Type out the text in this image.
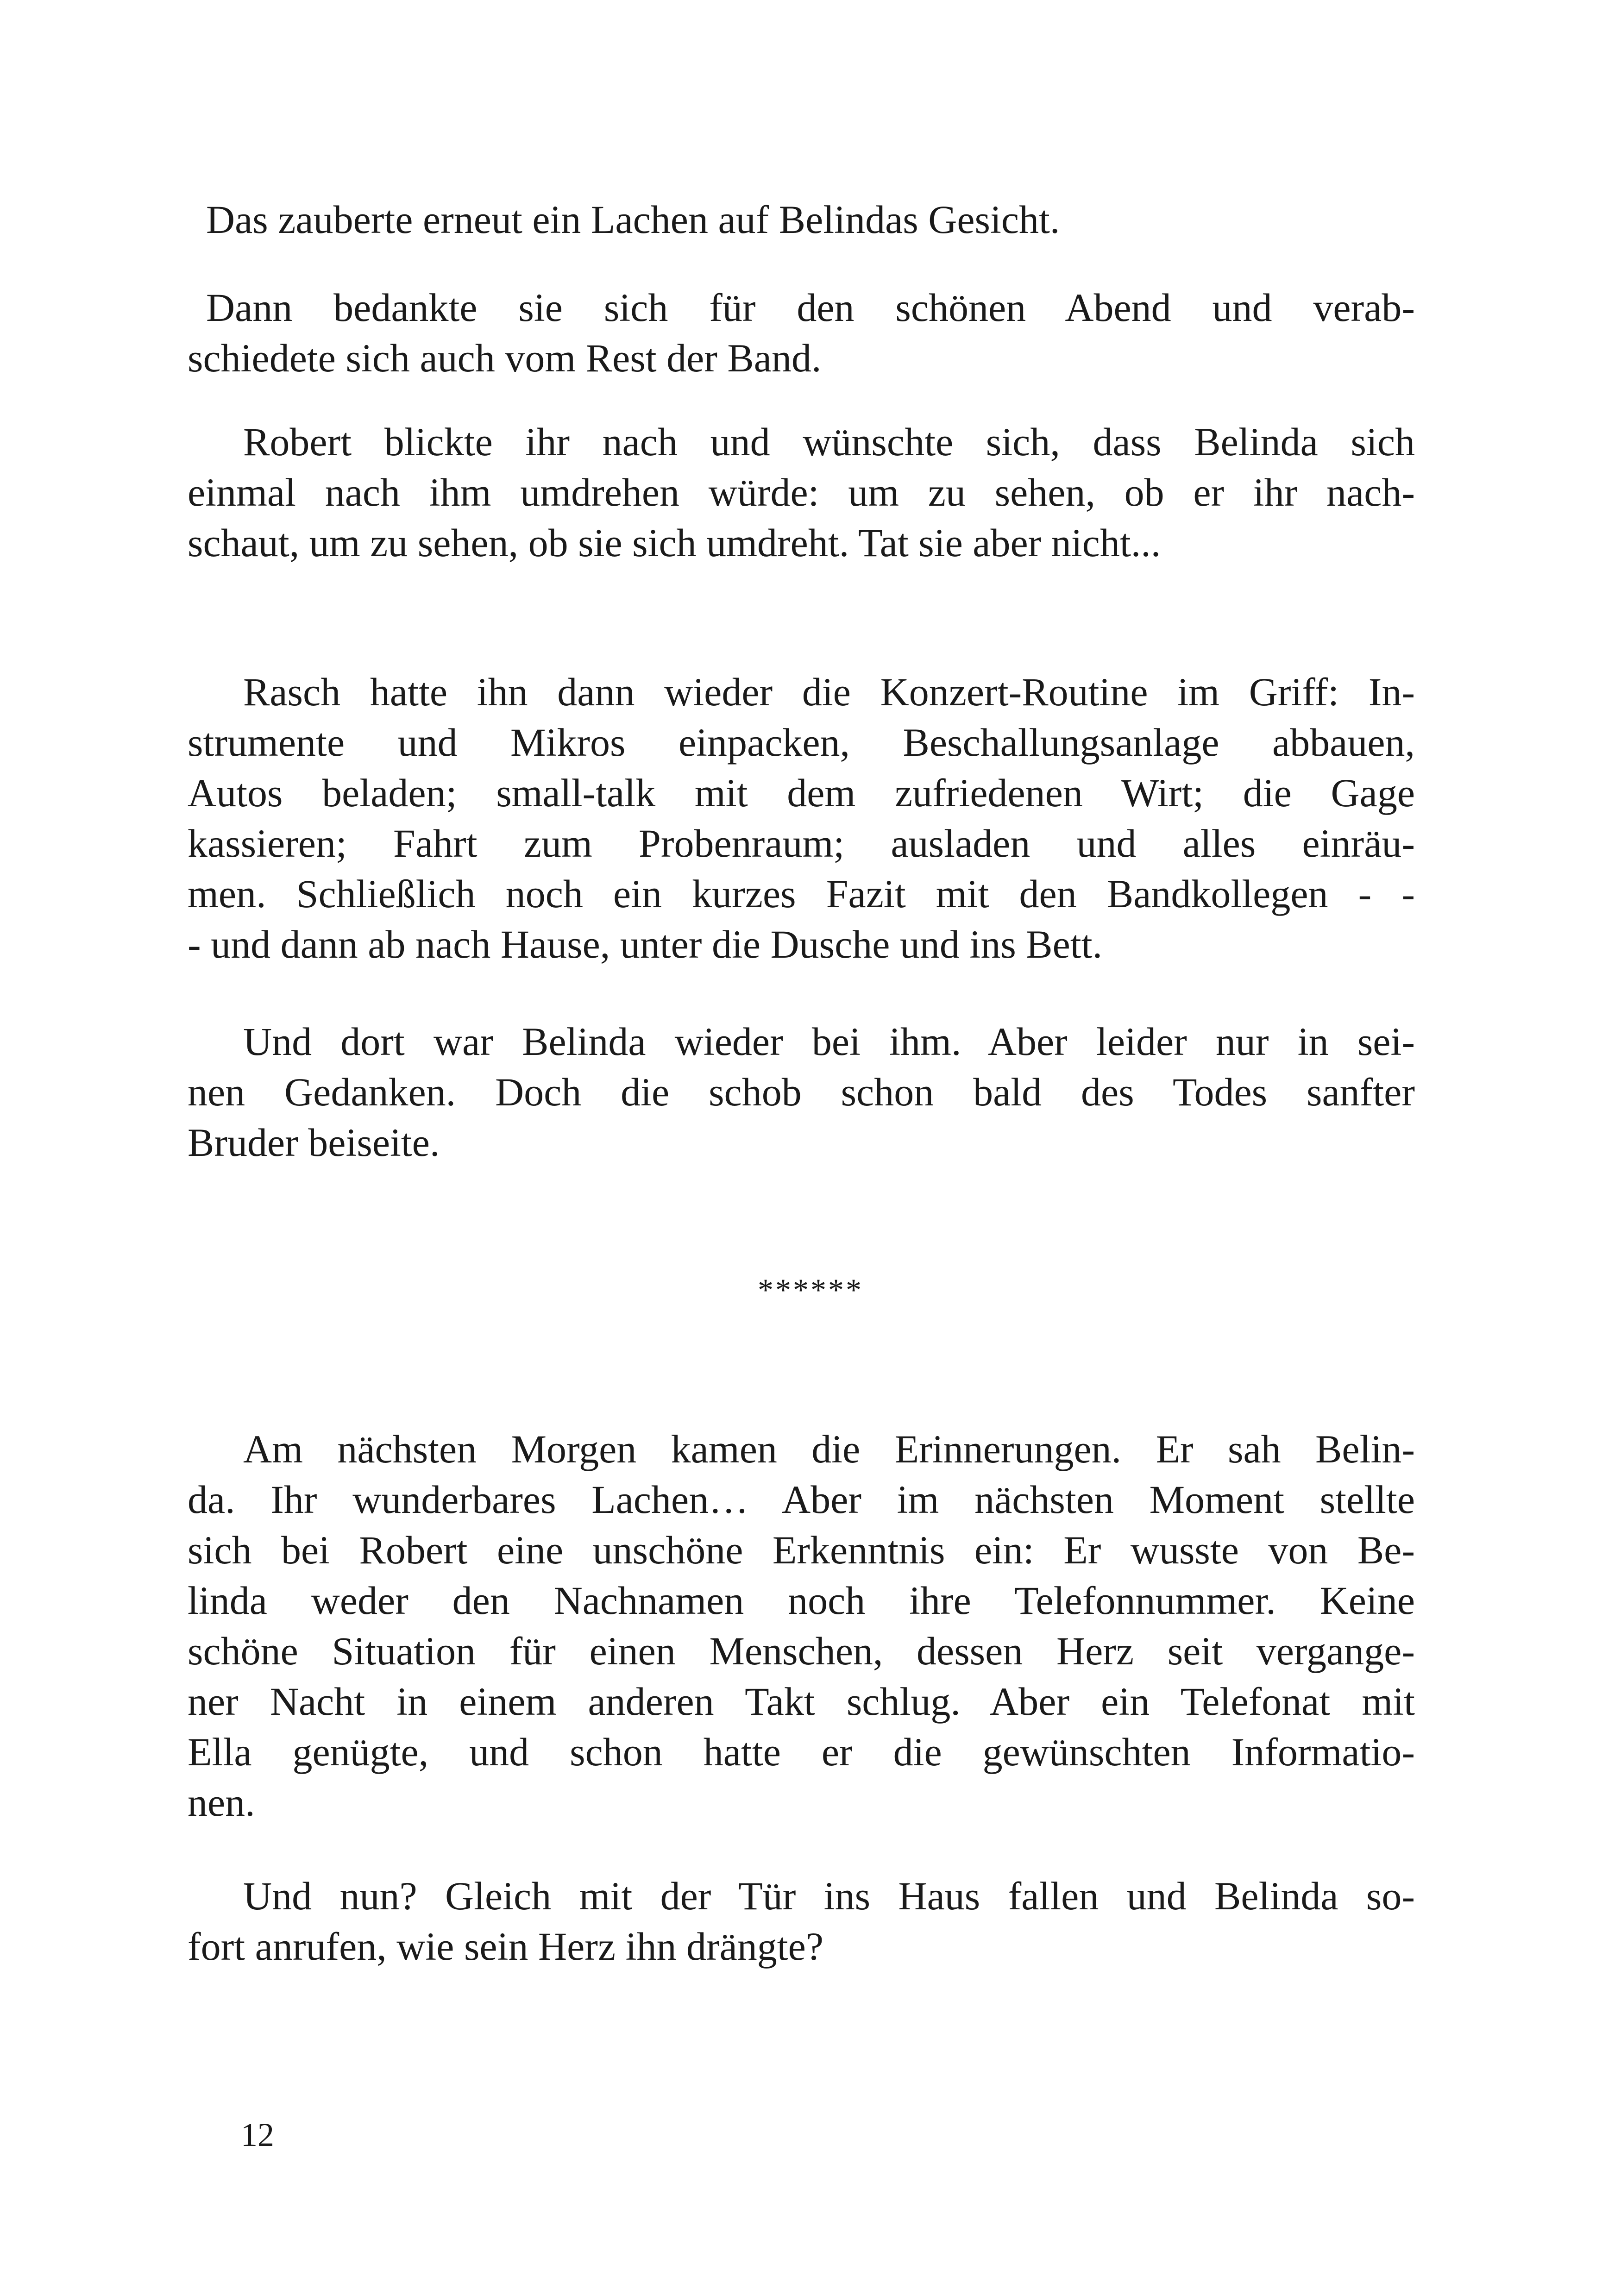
Das zauberte erneut ein Lachen auf Belindas Gesicht.
Dann bedankte sie sich für den schönen Abend und verab-
schiedete sich auch vom Rest der Band.
Robert blickte ihr nach und wünschte sich, dass Belinda sich
einmal nach ihm umdrehen würde: um zu sehen, ob er ihr nach-
schaut, um zu sehen, ob sie sich umdreht. Tat sie aber nicht...
Rasch hatte ihn dann wieder die Konzert-Routine im Griff: In-
strumente und Mikros einpacken, Beschallungsanlage abbauen,
Autos beladen; small-talk mit dem zufriedenen Wirt; die Gage
kassieren; Fahrt zum Probenraum; ausladen und alles einräu-
men. Schließlich noch ein kurzes Fazit mit den Bandkollegen - -
- und dann ab nach Hause, unter die Dusche und ins Bett.
Und dort war Belinda wieder bei ihm. Aber leider nur in sei-
nen Gedanken. Doch die schob schon bald des Todes sanfter
Bruder beiseite.
******
Am nächsten Morgen kamen die Erinnerungen. Er sah Belin-
da. Ihr wunderbares Lachen… Aber im nächsten Moment stellte
sich bei Robert eine unschöne Erkenntnis ein: Er wusste von Be-
linda weder den Nachnamen noch ihre Telefonnummer. Keine
schöne Situation für einen Menschen, dessen Herz seit vergange-
ner Nacht in einem anderen Takt schlug. Aber ein Telefonat mit
Ella genügte, und schon hatte er die gewünschten Informatio-
nen.
Und nun? Gleich mit der Tür ins Haus fallen und Belinda so-
fort anrufen, wie sein Herz ihn drängte?
12
